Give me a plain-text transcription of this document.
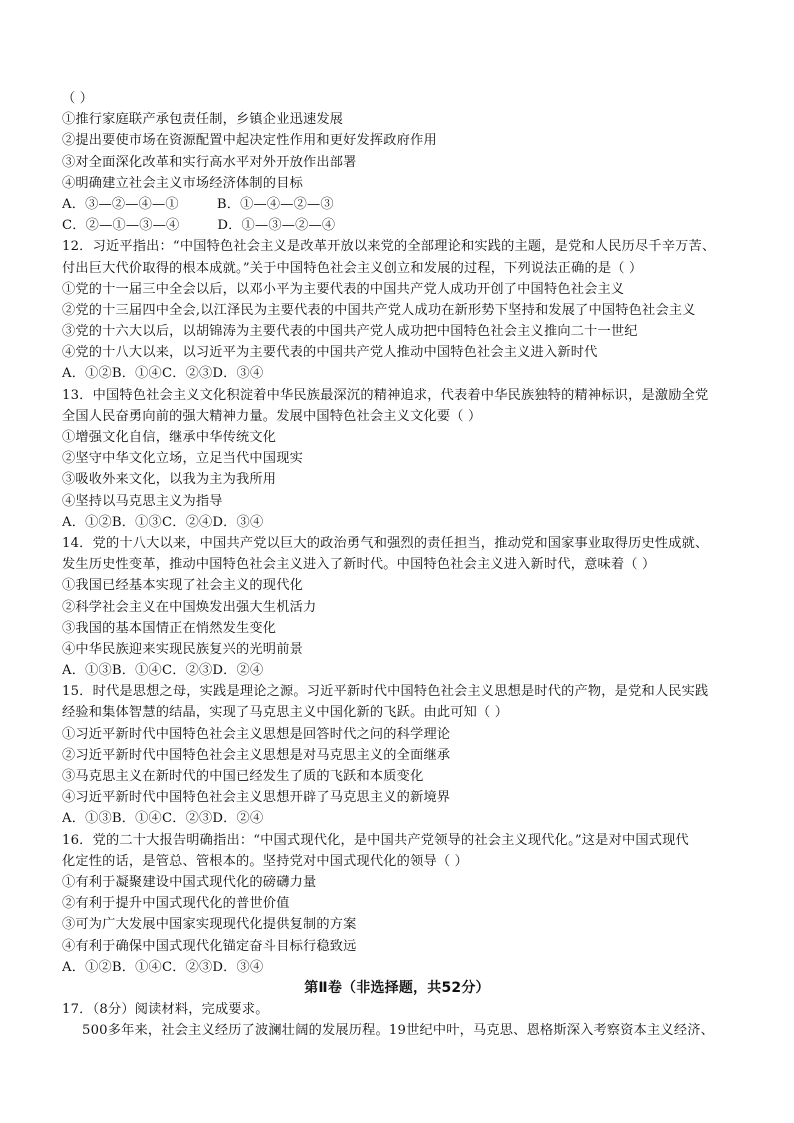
（ ）
①推行家庭联产承包责任制，乡镇企业迅速发展
②提出要使市场在资源配置中起决定性作用和更好发挥政府作用
③对全面深化改革和实行高水平对外开放作出部署
④明确建立社会主义市场经济体制的目标
A．③—②—④—①	B．①—④—②—③
C．②—①—③—④	D．①—③—②—④
12．习近平指出：“中国特色社会主义是改革开放以来党的全部理论和实践的主题，是党和人民历尽千辛万苦、
付出巨大代价取得的根本成就。”关于中国特色社会主义创立和发展的过程，下列说法正确的是（ ）
①党的十一届三中全会以后，以邓小平为主要代表的中国共产党人成功开创了中国特色社会主义
②党的十三届四中全会,以江泽民为主要代表的中国共产党人成功在新形势下坚持和发展了中国特色社会主义
③党的十六大以后，以胡锦涛为主要代表的中国共产党人成功把中国特色社会主义推向二十一世纪
④党的十八大以来，以习近平为主要代表的中国共产党人推动中国特色社会主义进入新时代
A．①②B．①④C．②③D．③④
13．中国特色社会主义文化积淀着中华民族最深沉的精神追求，代表着中华民族独特的精神标识，是激励全党
全国人民奋勇向前的强大精神力量。发展中国特色社会主义文化要（ ）
①增强文化自信，继承中华传统文化
②坚守中华文化立场，立足当代中国现实
③吸收外来文化，以我为主为我所用
④坚持以马克思主义为指导
A．①②B．①③C．②④D．③④
14．党的十八大以来，中国共产党以巨大的政治勇气和强烈的责任担当，推动党和国家事业取得历史性成就、
发生历史性变革，推动中国特色社会主义进入了新时代。中国特色社会主义进入新时代，意味着（ ）
①我国已经基本实现了社会主义的现代化
②科学社会主义在中国焕发出强大生机活力
③我国的基本国情正在悄然发生变化
④中华民族迎来实现民族复兴的光明前景
A．①③B．①④C．②③D．②④
15．时代是思想之母，实践是理论之源。习近平新时代中国特色社会主义思想是时代的产物，是党和人民实践
经验和集体智慧的结晶，实现了马克思主义中国化新的飞跃。由此可知（ ）
①习近平新时代中国特色社会主义思想是回答时代之问的科学理论
②习近平新时代中国特色社会主义思想是对马克思主义的全面继承
③马克思主义在新时代的中国已经发生了质的飞跃和本质变化
④习近平新时代中国特色社会主义思想开辟了马克思主义的新境界
A．①③B．①④C．②③D．②④
16．党的二十大报告明确指出：“中国式现代化，是中国共产党领导的社会主义现代化。”这是对中国式现代
化定性的话，是管总、管根本的。坚持党对中国式现代化的领导（ ）
①有利于凝聚建设中国式现代化的磅礴力量
②有利于提升中国式现代化的普世价值
③可为广大发展中国家实现现代化提供复制的方案
④有利于确保中国式现代化锚定奋斗目标行稳致远
A．①②B．①④C．②③D．③④
第Ⅱ卷（非选择题，共52分）
17．（8分）阅读材料，完成要求。
500多年来，社会主义经历了波澜壮阔的发展历程。19世纪中叶，马克思、恩格斯深入考察资本主义经济、
